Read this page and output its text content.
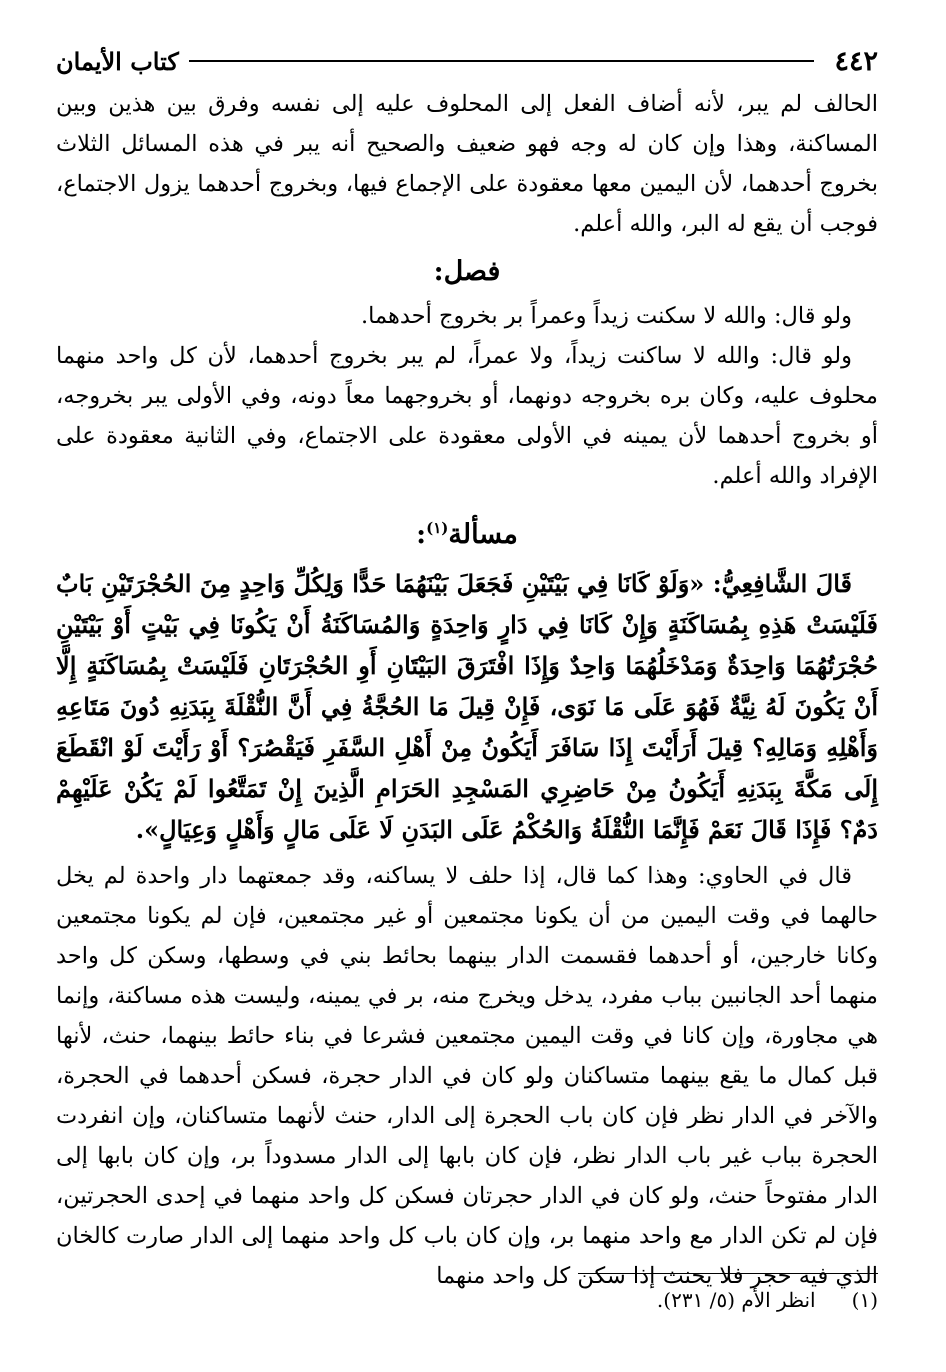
٤٤٢
كتاب الأيمان

الحالف لم يبر، لأنه أضاف الفعل إلى المحلوف عليه إلى نفسه وفرق بين هذين وبين المساكنة، وهذا وإن كان له وجه فهو ضعيف والصحيح أنه يبر في هذه المسائل الثلاث بخروج أحدهما، لأن اليمين معها معقودة على الإجماع فيها، وبخروج أحدهما يزول الاجتماع، فوجب أن يقع له البر، والله أعلم.

فصل:

ولو قال: والله لا سكنت زيداً وعمراً بر بخروج أحدهما.

ولو قال: والله لا ساكنت زيداً، ولا عمراً، لم يبر بخروج أحدهما، لأن كل واحد منهما محلوف عليه، وكان بره بخروجه دونهما، أو بخروجهما معاً دونه، وفي الأولى يبر بخروجه، أو بخروج أحدهما لأن يمينه في الأولى معقودة على الاجتماع، وفي الثانية معقودة على الإفراد والله أعلم.

مسألة$^{(١)}$:

قَالَ الشَّافِعِيُّ: «وَلَوْ كَانَا فِي بَيْتَيْنِ فَجَعَلَ بَيْنَهُمَا حَدًّا وَلِكُلِّ وَاحِدٍ مِنَ الحُجْرَتَيْنِ بَابٌ فَلَيْسَتْ هَذِهِ بِمُسَاكَنَةٍ وَإِنْ كَانَا فِي دَارٍ وَاحِدَةٍ وَالمُسَاكَنَةُ أَنْ يَكُونَا فِي بَيْتٍ أَوْ بَيْتَيْنِ حُجْرَتُهُمَا وَاحِدَةٌ وَمَدْخَلُهُمَا وَاحِدٌ وَإِذَا افْتَرَقَ البَيْتَانِ أَوِ الحُجْرَتَانِ فَلَيْسَتْ بِمُسَاكَنَةٍ إِلَّا أَنْ يَكُونَ لَهُ نِيَّةٌ فَهُوَ عَلَى مَا نَوَى، فَإِنْ قِيلَ مَا الحُجَّةُ فِي أَنَّ النُّقْلَةَ بِبَدَنِهِ دُونَ مَتَاعِهِ وَأَهْلِهِ وَمَالِهِ؟ قِيلَ أَرَأَيْتَ إِذَا سَافَرَ أَيَكُونُ مِنْ أَهْلِ السَّفَرِ فَيَقْصُرَ؟ أَوْ رَأَيْتَ لَوْ انْقَطَعَ إِلَى مَكَّةَ بِبَدَنِهِ أَيَكُونُ مِنْ حَاضِرِي المَسْجِدِ الحَرَامِ الَّذِينَ إِنْ تَمَتَّعُوا لَمْ يَكُنْ عَلَيْهِمْ دَمٌ؟ فَإِذَا قَالَ نَعَمْ فَإِنَّمَا النُّقْلَةُ وَالحُكْمُ عَلَى البَدَنِ لَا عَلَى مَالٍ وَأَهْلٍ وَعِيَالٍ».

قال في الحاوي: وهذا كما قال، إذا حلف لا يساكنه، وقد جمعتهما دار واحدة لم يخل حالهما في وقت اليمين من أن يكونا مجتمعين أو غير مجتمعين، فإن لم يكونا مجتمعين وكانا خارجين، أو أحدهما فقسمت الدار بينهما بحائط بني في وسطها، وسكن كل واحد منهما أحد الجانبين بباب مفرد، يدخل ويخرج منه، بر في يمينه، وليست هذه مساكنة، وإنما هي مجاورة، وإن كانا في وقت اليمين مجتمعين فشرعا في بناء حائط بينهما، حنث، لأنها قبل كمال ما يقع بينهما متساكنان ولو كان في الدار حجرة، فسكن أحدهما في الحجرة، والآخر في الدار نظر فإن كان باب الحجرة إلى الدار، حنث لأنهما متساكنان، وإن انفردت الحجرة بباب غير باب الدار نظر، فإن كان بابها إلى الدار مسدوداً بر، وإن كان بابها إلى الدار مفتوحاً حنث، ولو كان في الدار حجرتان فسكن كل واحد منهما في إحدى الحجرتين، فإن لم تكن الدار مع واحد منهما بر، وإن كان باب كل واحد منهما إلى الدار صارت كالخان الذي فيه حجر فلا يحنث إذا سكن كل واحد منهما

(١)انظر الأم (٥/ ٢٣١).
